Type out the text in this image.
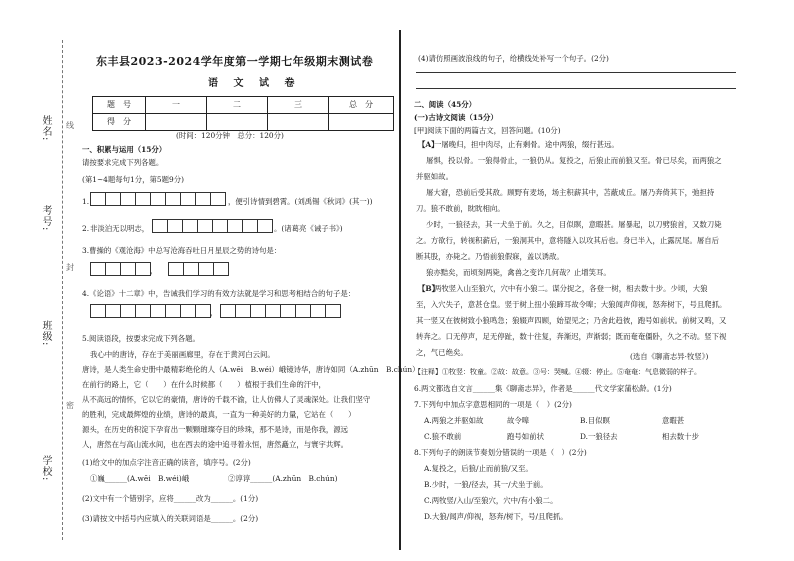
姓名:
考号:
班级:
学校:
线
封
密
东丰县2023-2024学年度第一学期七年级期末测试卷
语 文 试 卷
题　号	一	二	三	总　分
得　分				
(时间：120分钟　总分：120分)
一、积累与运用（15分）
请按要求完成下列各题。
(第1~4题每句1分，第5题9分)
1.	，便引诗情到碧霄。(刘禹锡《秋词》(其一))
2. 非淡泊无以明志，	。(诸葛亮《诫子书》)
3.曹操的《观沧海》中总写沧海吞吐日月星辰之势的诗句是：
，
4.《论语》十二章》中，告诫我们学习的有效方法就是学习和思考相结合的句子是：
，
5.阅读语段，按要求完成下列各题。
我心中的唐诗，存在于美丽画廊里，存在于黄河白云间。
唐诗，是人类生命史册中最精彩绝伦的人（A.wēi　B.wéi）峨镜诗华，唐诗如同（A.zhūn　B.chún）
在前行的路上，它（　　）在什么时候都（　　）植根于我们生命的汗中，
从不高远的情怀，它以它的豪情，唐诗的千载不渝，让人仿佛人了灵魂深处。让我们坚守
的胜利，完成最辉煌的业绩，唐诗的最真，一直为一种美好的力量，它站在（　　）
源头，在历史的积淀下孕育出一颗颗璀璨夺目的珍珠，那不是诗，而是你我，源远
人，唐然在与高山流水间，也在西去的途中追寻着永恒，唐然矗立，与寰宇共辉。
(1)给文中的加点字注音正确的读音，填序号。(2分)
①巍______(A.wēi　B.wéi)峨	②谆谆______(A.zhūn　B.chún)
(2)文中有一个错别字，应将______改为______。(1分)
(3)请按文中括号内应填入的关联词语是______。(2分)
(4)请仿照画波浪线的句子，给横线处补写一个句子。(2分)
二、阅读（45分）
(一)古诗文阅读（15分）
[甲]阅读下面的两篇古文，回答问题。(10分)
【A】
一屠晚归，担中肉尽，止有剩骨。途中两狼，缀行甚远。
屠惧，投以骨。一狼得骨止，一狼仍从。复投之，后狼止而前狼又至。骨已尽矣，而两狼之
并驱如故。
屠大窘，恐前后受其敌。顾野有麦场，场主积薪其中，苫蔽成丘。屠乃奔倚其下，弛担持
刀。狼不敢前，眈眈相向。
少时，一狼径去，其一犬坐于前。久之，目似瞑，意暇甚。屠暴起，以刀劈狼首，又数刀毙
之。方欲行，转视积薪后，一狼洞其中，意将隧入以攻其后也。身已半入，止露尻尾。屠自后
断其股，亦毙之。乃悟前狼假寐，盖以诱敌。
狼亦黠矣，而顷刻两毙，禽兽之变诈几何哉？止增笑耳。
【B】
两牧竖入山至狼穴，穴中有小狼二。谋分捉之，各登一树，相去数十步。少顷，大狼
至，入穴失子，意甚仓皇。竖于树上扭小狼蹄耳故令嗥；大狼闻声仰视，怒奔树下，号且爬抓。
其一竖又在彼树致小狼鸣急；狼辍声四顾，始望见之；乃舍此趋彼，跑号如前状。前树又鸣，又
转奔之。口无停声，足无停趾，数十往复，奔渐迟，声渐弱；既而奄奄僵卧，久之不动。竖下视
之，气已绝矣。	(选自《聊斋志异·牧竖》)
【注释】①牧竖：牧童。②故：故意。③号：哭喊。④辍：停止。⑤奄奄：气息微弱的样子。
6.两文都选自文言______集《聊斋志异》，作者是______代文学家蒲松龄。(1分)
7.下列句中加点字意思相同的一项是（　）(2分)
A.两狼之并驱如故	故令嗥	B.目似瞑	意暇甚
C.狼不敢前	跑号如前状	D.一狼径去	相去数十步
8.下列句子的朗读节奏划分错误的一项是（　）(2分)
A.复投之，后狼/止而前狼/又至。
B.少时，一狼/径去，其一/犬坐于前。
C.两牧竖/入山/至狼穴，穴中/有小狼二。
D.大狼/闻声/仰视，怒奔/树下，号/且爬抓。
